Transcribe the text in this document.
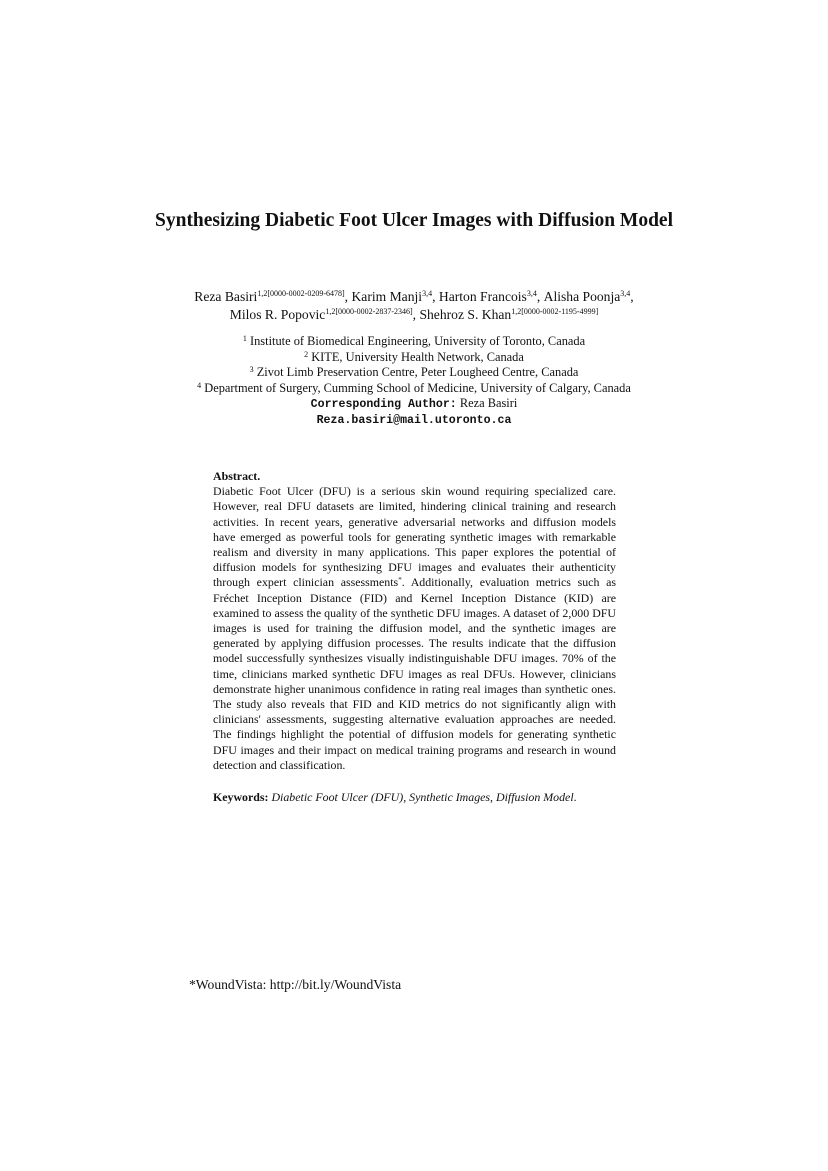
Synthesizing Diabetic Foot Ulcer Images with Diffusion Model
Reza Basiri$^{1,2[0000-0002-0209-6478]}$, Karim Manji$^{3,4}$, Harton Francois$^{3,4}$, Alisha Poonja$^{3,4}$,
Milos R. Popovic$^{1,2[0000-0002-2837-2346]}$, Shehroz S. Khan$^{1,2[0000-0002-1195-4999]}$
$^1$ Institute of Biomedical Engineering, University of Toronto, Canada
$^2$ KITE, University Health Network, Canada
$^3$ Zivot Limb Preservation Centre, Peter Lougheed Centre, Canada
$^4$ Department of Surgery, Cumming School of Medicine, University of Calgary, Canada
Corresponding Author: Reza Basiri
Reza.basiri@mail.utoronto.ca
Abstract.
Diabetic Foot Ulcer (DFU) is a serious skin wound requiring specialized care. However, real DFU datasets are limited, hindering clinical training and research activities. In recent years, generative adversarial networks and diffusion models have emerged as powerful tools for generating synthetic images with remarkable realism and diversity in many applications. This paper explores the potential of diffusion models for synthesizing DFU images and evaluates their authenticity through expert clinician assessments*. Additionally, evaluation metrics such as Fréchet Inception Distance (FID) and Kernel Inception Distance (KID) are examined to assess the quality of the synthetic DFU images. A dataset of 2,000 DFU images is used for training the diffusion model, and the synthetic images are generated by applying diffusion processes. The results indicate that the diffusion model successfully synthesizes visually indistinguishable DFU images. 70% of the time, clinicians marked synthetic DFU images as real DFUs. However, clinicians demonstrate higher unanimous confidence in rating real images than synthetic ones. The study also reveals that FID and KID metrics do not significantly align with clinicians' assessments, suggesting alternative evaluation approaches are needed. The findings highlight the potential of diffusion models for generating synthetic DFU images and their impact on medical training programs and research in wound detection and classification.
Keywords: Diabetic Foot Ulcer (DFU), Synthetic Images, Diffusion Model.
*WoundVista: http://bit.ly/WoundVista
